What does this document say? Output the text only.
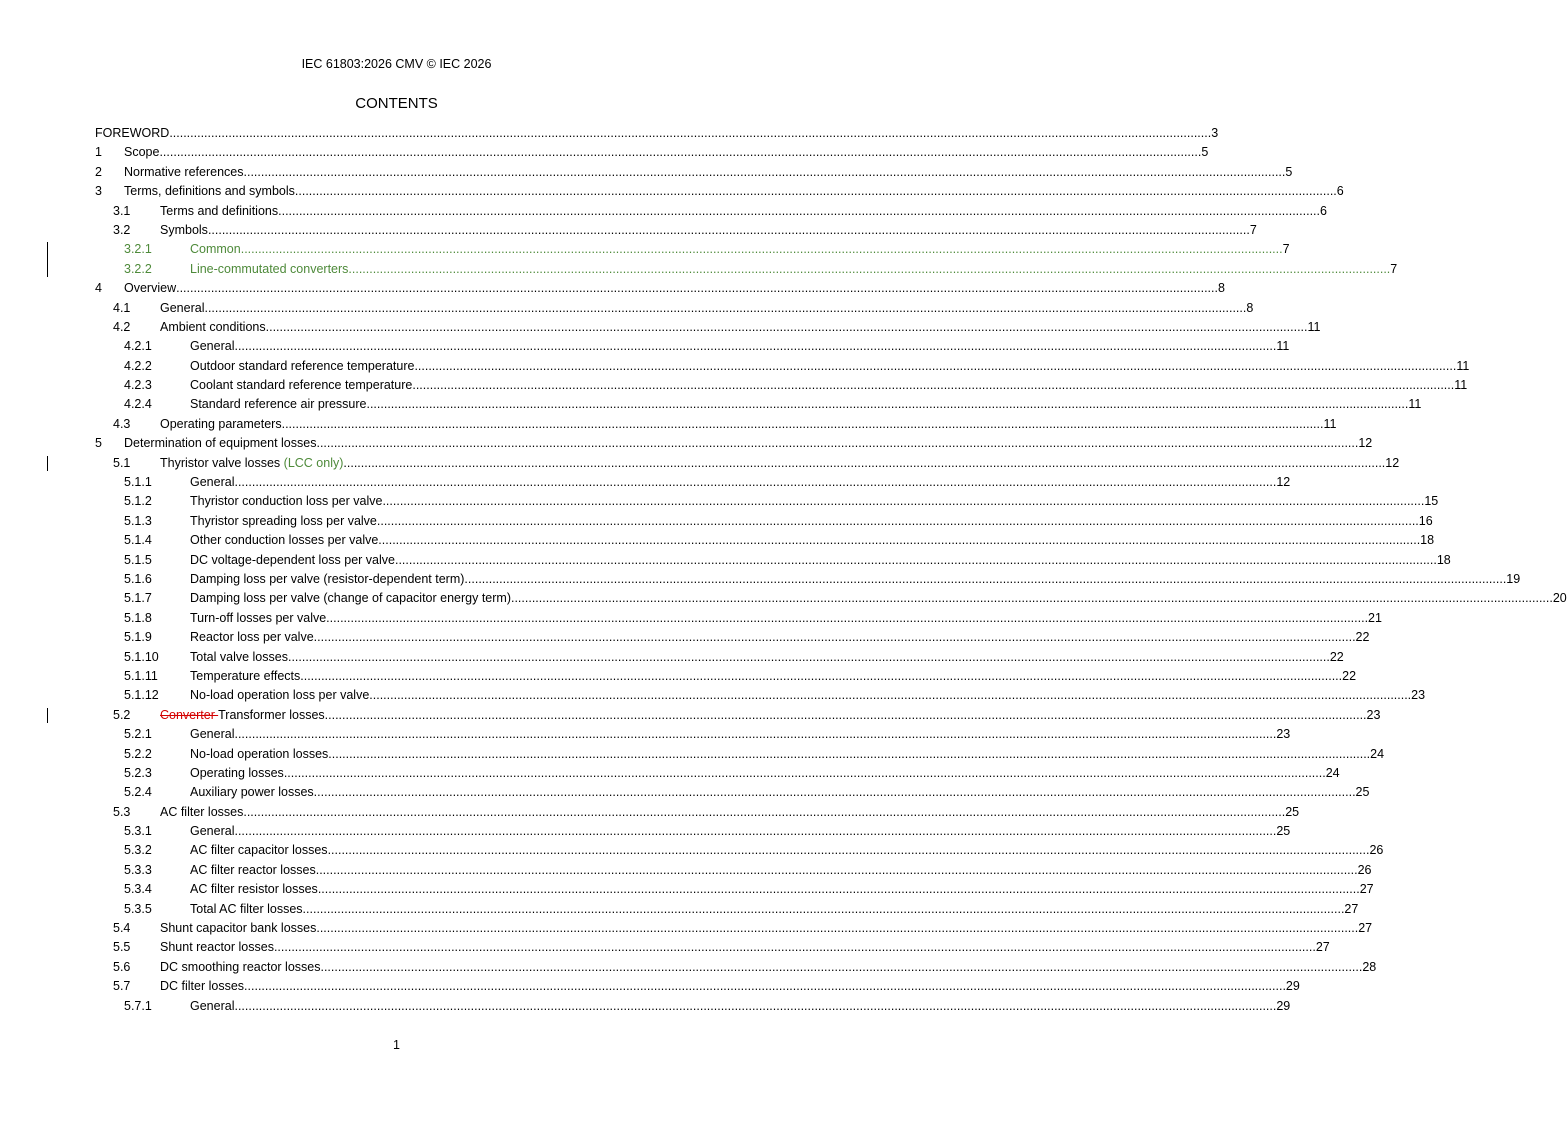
IEC 61803:2026 CMV © IEC 2026
CONTENTS
FOREWORD ............................................................................................................................................................................................................................................................................................................ 3
1 Scope ............................................................................................................................................................................................................................................................................................................ 5
2 Normative references ............................................................................................................................................................................................................................................................................................................ 5
3 Terms, definitions and symbols ............................................................................................................................................................................................................................................................................................................ 6
3.1 Terms and definitions ............................................................................................................................................................................................................................................................................................................ 6
3.2 Symbols ............................................................................................................................................................................................................................................................................................................ 7
3.2.1	Common ............................................................................................................................................................................................................................................................................................................ 7
3.2.2	Line-commutated converters ............................................................................................................................................................................................................................................................................................................ 7
4 Overview ............................................................................................................................................................................................................................................................................................................ 8
4.1 General ............................................................................................................................................................................................................................................................................................................ 8
4.2 Ambient conditions ............................................................................................................................................................................................................................................................................................................ 11
4.2.1	General ............................................................................................................................................................................................................................................................................................................ 11
4.2.2	Outdoor standard reference temperature ............................................................................................................................................................................................................................................................................................................ 11
4.2.3	Coolant standard reference temperature ............................................................................................................................................................................................................................................................................................................ 11
4.2.4	Standard reference air pressure ............................................................................................................................................................................................................................................................................................................ 11
4.3 Operating parameters ............................................................................................................................................................................................................................................................................................................ 11
5 Determination of equipment losses ............................................................................................................................................................................................................................................................................................................ 12
5.1 Thyristor valve losses (LCC only) ............................................................................................................................................................................................................................................................................................................ 12
5.1.1	General ............................................................................................................................................................................................................................................................................................................ 12
5.1.2	Thyristor conduction loss per valve ............................................................................................................................................................................................................................................................................................................ 15
5.1.3	Thyristor spreading loss per valve ............................................................................................................................................................................................................................................................................................................ 16
5.1.4	Other conduction losses per valve ............................................................................................................................................................................................................................................................................................................ 18
5.1.5	DC voltage-dependent loss per valve ............................................................................................................................................................................................................................................................................................................ 18
5.1.6	Damping loss per valve (resistor-dependent term) ............................................................................................................................................................................................................................................................................................................ 19
5.1.7	Damping loss per valve (change of capacitor energy term) ............................................................................................................................................................................................................................................................................................................ 20
5.1.8	Turn-off losses per valve ............................................................................................................................................................................................................................................................................................................ 21
5.1.9	Reactor loss per valve ............................................................................................................................................................................................................................................................................................................ 22
5.1.10 Total valve losses ............................................................................................................................................................................................................................................................................................................ 22
5.1.11	Temperature effects ............................................................................................................................................................................................................................................................................................................ 22
5.1.12 No-load operation loss per valve ............................................................................................................................................................................................................................................................................................................ 23
5.2 Converter Transformer losses ............................................................................................................................................................................................................................................................................................................ 23
5.2.1	General ............................................................................................................................................................................................................................................................................................................ 23
5.2.2	No-load operation losses ............................................................................................................................................................................................................................................................................................................ 24
5.2.3	Operating losses ............................................................................................................................................................................................................................................................................................................ 24
5.2.4	Auxiliary power losses ............................................................................................................................................................................................................................................................................................................ 25
5.3 AC filter losses ............................................................................................................................................................................................................................................................................................................ 25
5.3.1	General ............................................................................................................................................................................................................................................................................................................ 25
5.3.2	AC filter capacitor losses ............................................................................................................................................................................................................................................................................................................ 26
5.3.3	AC filter reactor losses ............................................................................................................................................................................................................................................................................................................ 26
5.3.4	AC filter resistor losses ............................................................................................................................................................................................................................................................................................................ 27
5.3.5	Total AC filter losses ............................................................................................................................................................................................................................................................................................................ 27
5.4 Shunt capacitor bank losses ............................................................................................................................................................................................................................................................................................................ 27
5.5 Shunt reactor losses ............................................................................................................................................................................................................................................................................................................ 27
5.6 DC smoothing reactor losses ............................................................................................................................................................................................................................................................................................................ 28
5.7 DC filter losses ............................................................................................................................................................................................................................................................................................................ 29
5.7.1	General ............................................................................................................................................................................................................................................................................................................ 29
1
